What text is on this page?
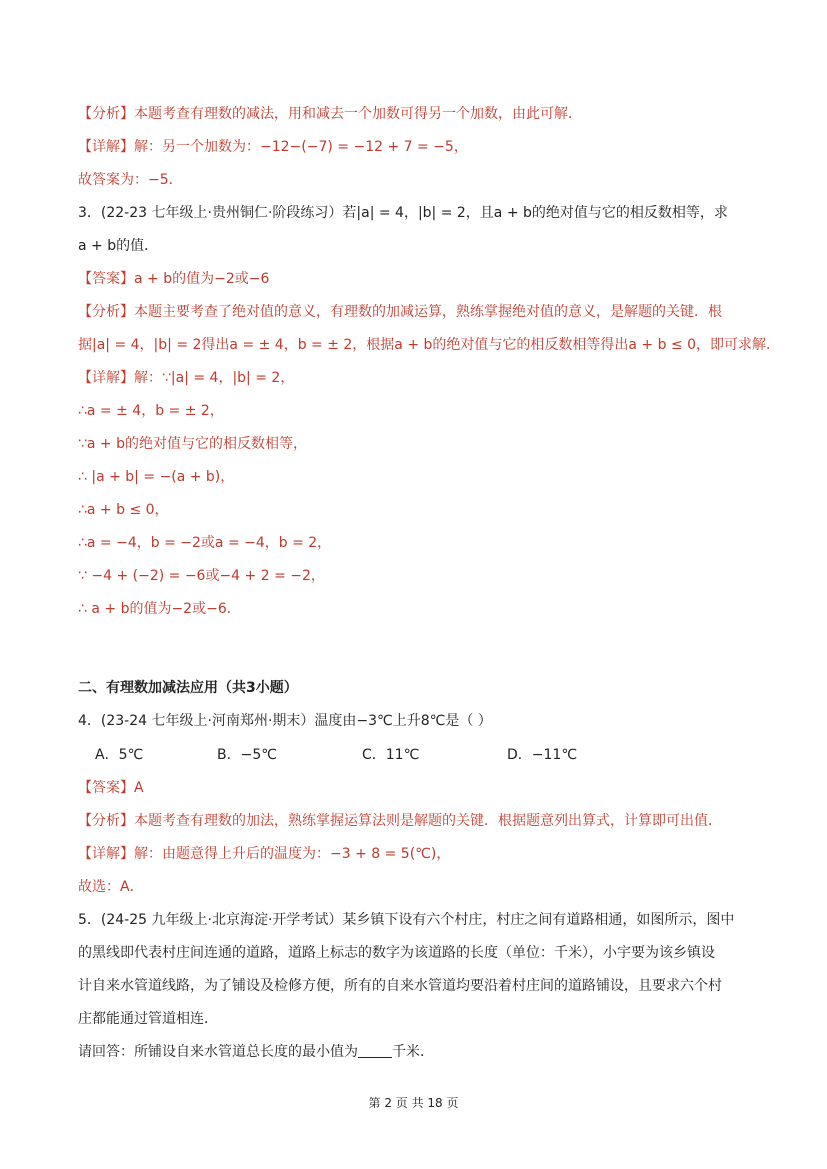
【分析】本题考查有理数的减法，用和减去一个加数可得另一个加数，由此可解．
【详解】解：另一个加数为：−12−(−7) = −12 + 7 = −5，
故答案为：−5．
3．(22-23 七年级上·贵州铜仁·阶段练习）若|a| = 4，|b| = 2，且a + b的绝对值与它的相反数相等，求
a + b的值．
【答案】a + b的值为−2或−6
【分析】本题主要考查了绝对值的意义，有理数的加减运算，熟练掌握绝对值的意义，是解题的关键．根
据|a| = 4，|b| = 2得出a = ± 4，b = ± 2，根据a + b的绝对值与它的相反数相等得出a + b ≤ 0，即可求解．
【详解】解：∵|a| = 4，|b| = 2，
∴a = ± 4，b = ± 2，
∵a + b的绝对值与它的相反数相等，
∴ |a + b| = −(a + b)，
∴a + b ≤ 0，
∴a = −4，b = −2或a = −4，b = 2，
∵ −4 + (−2) = −6或−4 + 2 = −2，
∴ a + b的值为−2或−6．
二、有理数加减法应用（共3小题）
4．(23-24 七年级上·河南郑州·期末）温度由−3℃上升8℃是（ ）
A．5℃	B．−5℃	C．11℃	D．−11℃
【答案】A
【分析】本题考查有理数的加法，熟练掌握运算法则是解题的关键．根据题意列出算式，计算即可出值．
【详解】解：由题意得上升后的温度为：−3 + 8 = 5(℃)，
故选：A．
5．(24-25 九年级上·北京海淀·开学考试）某乡镇下设有六个村庄，村庄之间有道路相通，如图所示，图中
的黑线即代表村庄间连通的道路，道路上标志的数字为该道路的长度（单位：千米），小宇要为该乡镇设
计自来水管道线路，为了铺设及检修方便，所有的自来水管道均要沿着村庄间的道路铺设，且要求六个村
庄都能通过管道相连．
请回答：所铺设自来水管道总长度的最小值为 千米．
第 2 页 共 18 页
